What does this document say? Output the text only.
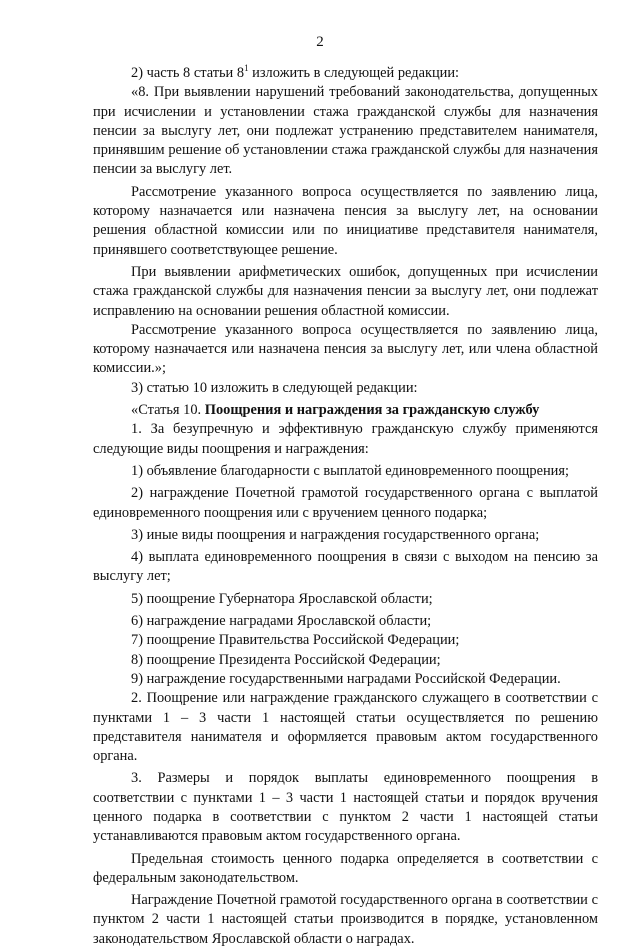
2

2) часть 8 статьи $8^1$ изложить в следующей редакции:

«8. При выявлении нарушений требований законодательства, допущенных при исчислении и установлении стажа гражданской службы для назначения пенсии за выслугу лет, они подлежат устранению представителем нанимателя, принявшим решение об установлении стажа гражданской службы для назначения пенсии за выслугу лет.

Рассмотрение указанного вопроса осуществляется по заявлению лица, которому назначается или назначена пенсия за выслугу лет, на основании решения областной комиссии или по инициативе представителя нанимателя, принявшего соответствующее решение.

При выявлении арифметических ошибок, допущенных при исчислении стажа гражданской службы для назначения пенсии за выслугу лет, они подлежат исправлению на основании решения областной комиссии.

Рассмотрение указанного вопроса осуществляется по заявлению лица, которому назначается или назначена пенсия за выслугу лет, или члена областной комиссии.»;

3) статью 10 изложить в следующей редакции:

«Статья 10. Поощрения и награждения за гражданскую службу

1. За безупречную и эффективную гражданскую службу применяются следующие виды поощрения и награждения:

1) объявление благодарности с выплатой единовременного поощрения;

2) награждение Почетной грамотой государственного органа с выплатой единовременного поощрения или с вручением ценного подарка;

3) иные виды поощрения и награждения государственного органа;

4) выплата единовременного поощрения в связи с выходом на пенсию за выслугу лет;

5) поощрение Губернатора Ярославской области;

6) награждение наградами Ярославской области;

7) поощрение Правительства Российской Федерации;

8) поощрение Президента Российской Федерации;

9) награждение государственными наградами Российской Федерации.

2. Поощрение или награждение гражданского служащего в соответствии с пунктами 1 – 3 части 1 настоящей статьи осуществляется по решению представителя нанимателя и оформляется правовым актом государственного органа.

3. Размеры и порядок выплаты единовременного поощрения в соответствии с пунктами 1 – 3 части 1 настоящей статьи и порядок вручения ценного подарка в соответствии с пунктом 2 части 1 настоящей статьи устанавливаются правовым актом государственного органа.

Предельная стоимость ценного подарка определяется в соответствии с федеральным законодательством.

Награждение Почетной грамотой государственного органа в соответствии с пунктом 2 части 1 настоящей статьи производится в порядке, установленном законодательством Ярославской области о наградах.
